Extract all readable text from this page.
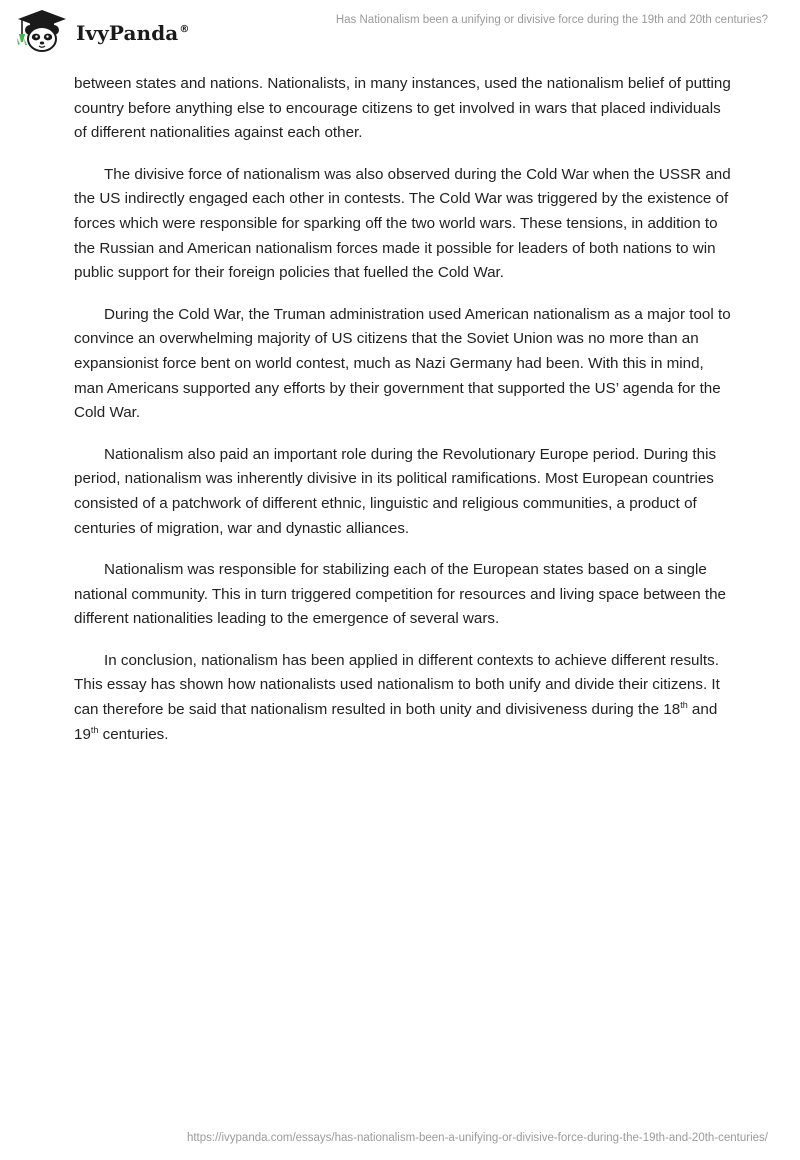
IvyPanda®
Has Nationalism been a unifying or divisive force during the 19th and 20th centuries?

between states and nations. Nationalists, in many instances, used the nationalism belief of putting country before anything else to encourage citizens to get involved in wars that placed individuals of different nationalities against each other.

The divisive force of nationalism was also observed during the Cold War when the USSR and the US indirectly engaged each other in contests. The Cold War was triggered by the existence of forces which were responsible for sparking off the two world wars. These tensions, in addition to the Russian and American nationalism forces made it possible for leaders of both nations to win public support for their foreign policies that fuelled the Cold War.

During the Cold War, the Truman administration used American nationalism as a major tool to convince an overwhelming majority of US citizens that the Soviet Union was no more than an expansionist force bent on world contest, much as Nazi Germany had been. With this in mind, man Americans supported any efforts by their government that supported the US’ agenda for the Cold War.

Nationalism also paid an important role during the Revolutionary Europe period. During this period, nationalism was inherently divisive in its political ramifications. Most European countries consisted of a patchwork of different ethnic, linguistic and religious communities, a product of centuries of migration, war and dynastic alliances.

Nationalism was responsible for stabilizing each of the European states based on a single national community. This in turn triggered competition for resources and living space between the different nationalities leading to the emergence of several wars.

In conclusion, nationalism has been applied in different contexts to achieve different results. This essay has shown how nationalists used nationalism to both unify and divide their citizens. It can therefore be said that nationalism resulted in both unity and divisiveness during the 18th and 19th centuries.

https://ivypanda.com/essays/has-nationalism-been-a-unifying-or-divisive-force-during-the-19th-and-20th-centuries/
